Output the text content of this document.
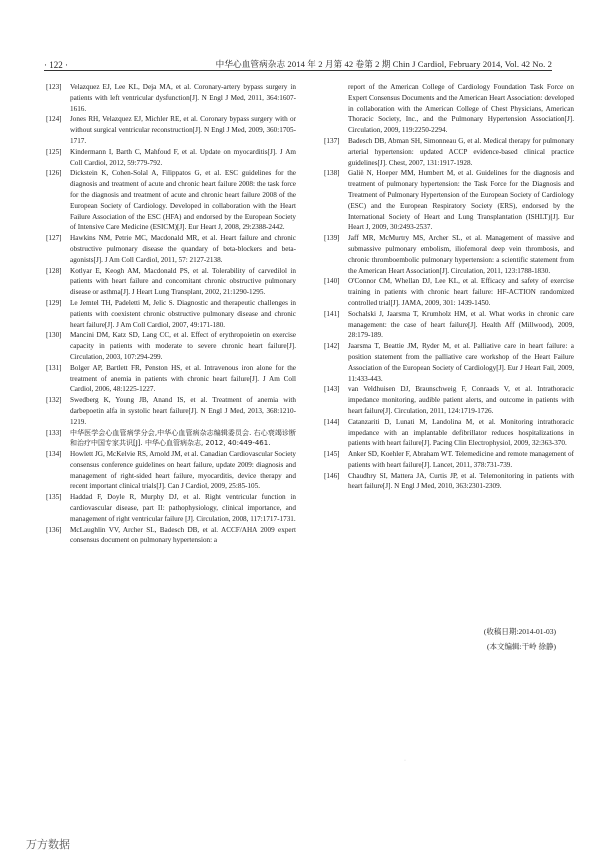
· 122 ·	中华心血管病杂志 2014 年 2 月第 42 卷第 2 期 Chin J Cardiol, February 2014, Vol. 42 No. 2
[123] Velazquez EJ, Lee KL, Deja MA, et al. Coronary-artery bypass surgery in patients with left ventricular dysfunction[J]. N Engl J Med, 2011, 364:1607-1616.
[124] Jones RH, Velazquez EJ, Michler RE, et al. Coronary bypass surgery with or without surgical ventricular reconstruction[J]. N Engl J Med, 2009, 360:1705-1717.
[125] Kindermann I, Barth C, Mahfoud F, et al. Update on myocarditis[J]. J Am Coll Cardiol, 2012, 59:779-792.
[126] Dickstein K, Cohen-Solal A, Filippatos G, et al. ESC guidelines for the diagnosis and treatment of acute and chronic heart failure 2008: the task force for the diagnosis and treatment of acute and chronic heart failure 2008 of the European Society of Cardiology. Developed in collaboration with the Heart Failure Association of the ESC (HFA) and endorsed by the European Society of Intensive Care Medicine (ESICM)[J]. Eur Heart J, 2008, 29:2388-2442.
[127] Hawkins NM, Petrie MC, Macdonald MR, et al. Heart failure and chronic obstructive pulmonary disease the quandary of beta-blockers and beta-agonists[J]. J Am Coll Cardiol, 2011, 57: 2127-2138.
[128] Kotlyar E, Keogh AM, Macdonald PS, et al. Tolerability of carvedilol in patients with heart failure and concomitant chronic obstructive pulmonary disease or asthma[J]. J Heart Lung Transplant, 2002, 21:1290-1295.
[129] Le Jemtel TH, Padeletti M, Jelic S. Diagnostic and therapeutic challenges in patients with coexistent chronic obstructive pulmonary disease and chronic heart failure[J]. J Am Coll Cardiol, 2007, 49:171-180.
[130] Mancini DM, Katz SD, Lang CC, et al. Effect of erythropoietin on exercise capacity in patients with moderate to severe chronic heart failure[J]. Circulation, 2003, 107:294-299.
[131] Bolger AP, Bartlett FR, Penston HS, et al. Intravenous iron alone for the treatment of anemia in patients with chronic heart failure[J]. J Am Coll Cardiol, 2006, 48:1225-1227.
[132] Swedberg K, Young JB, Anand IS, et al. Treatment of anemia with darbepoetin alfa in systolic heart failure[J]. N Engl J Med, 2013, 368:1210-1219.
[133] 中华医学会心血管病学分会,中华心血管病杂志编辑委员会. 右心衰竭诊断和治疗中国专家共识[J]. 中华心血管病杂志, 2012, 40:449-461.
[134] Howlett JG, McKelvie RS, Arnold JM, et al. Canadian Cardiovascular Society consensus conference guidelines on heart failure, update 2009: diagnosis and management of right-sided heart failure, myocarditis, device therapy and recent important clinical trials[J]. Can J Cardiol, 2009, 25:85-105.
[135] Haddad F, Doyle R, Murphy DJ, et al. Right ventricular function in cardiovascular disease, part II: pathophysiology, clinical importance, and management of right ventricular failure [J]. Circulation, 2008, 117:1717-1731.
[136] McLaughlin VV, Archer SL, Badesch DB, et al. ACCF/AHA 2009 expert consensus document on pulmonary hypertension: a
report of the American College of Cardiology Foundation Task Force on Expert Consensus Documents and the American Heart Association: developed in collaboration with the American College of Chest Physicians, American Thoracic Society, Inc., and the Pulmonary Hypertension Association[J]. Circulation, 2009, 119:2250-2294.
[137] Badesch DB, Abman SH, Simonneau G, et al. Medical therapy for pulmonary arterial hypertension: updated ACCP evidence-based clinical practice guidelines[J]. Chest, 2007, 131:1917-1928.
[138] Galiè N, Hoeper MM, Humbert M, et al. Guidelines for the diagnosis and treatment of pulmonary hypertension: the Task Force for the Diagnosis and Treatment of Pulmonary Hypertension of the European Society of Cardiology (ESC) and the European Respiratory Society (ERS), endorsed by the International Society of Heart and Lung Transplantation (ISHLT)[J]. Eur Heart J, 2009, 30:2493-2537.
[139] Jaff MR, McMurtry MS, Archer SL, et al. Management of massive and submassive pulmonary embolism, iliofemoral deep vein thrombosis, and chronic thromboembolic pulmonary hypertension: a scientific statement from the American Heart Association[J]. Circulation, 2011, 123:1788-1830.
[140] O'Connor CM, Whellan DJ, Lee KL, et al. Efficacy and safety of exercise training in patients with chronic heart failure: HF-ACTION randomized controlled trial[J]. JAMA, 2009, 301: 1439-1450.
[141] Sochalski J, Jaarsma T, Krumholz HM, et al. What works in chronic care management: the case of heart failure[J]. Health Aff (Millwood), 2009, 28:179-189.
[142] Jaarsma T, Beattie JM, Ryder M, et al. Palliative care in heart failure: a position statement from the palliative care workshop of the Heart Failure Association of the European Society of Cardiology[J]. Eur J Heart Fail, 2009, 11:433-443.
[143] van Veldhuisen DJ, Braunschweig F, Conraads V, et al. Intrathoracic impedance monitoring, audible patient alerts, and outcome in patients with heart failure[J]. Circulation, 2011, 124:1719-1726.
[144] Catanzariti D, Lunati M, Landolina M, et al. Monitoring intrathoracic impedance with an implantable defibrillator reduces hospitalizations in patients with heart failure[J]. Pacing Clin Electrophysiol, 2009, 32:363-370.
[145] Anker SD, Koehler F, Abraham WT. Telemedicine and remote management of patients with heart failure[J]. Lancet, 2011, 378:731-739.
[146] Chaudhry SI, Mattera JA, Curtis JP, et al. Telemonitoring in patients with heart failure[J]. N Engl J Med, 2010, 363:2301-2309.
(收稿日期:2014-01-03)
(本文编辑:干岭 徐静)
·
万方数据
